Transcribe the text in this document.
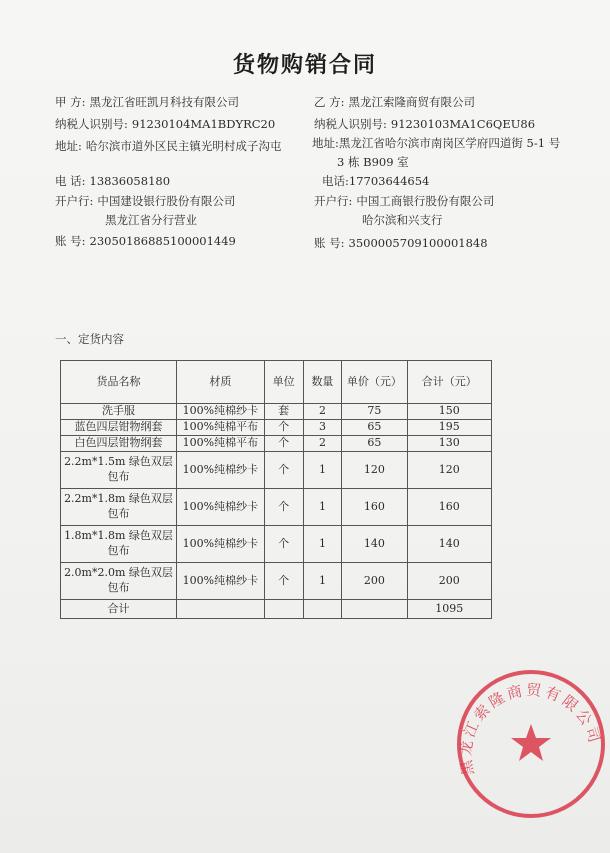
货物购销合同
甲 方: 黑龙江省旺凯月科技有限公司
纳税人识别号: 91230104MA1BDYRC20
地址: 哈尔滨市道外区民主镇光明村成子沟屯
电 话: 13836058180
开户行: 中国建设银行股份有限公司
黑龙江省分行营业
账 号: 23050186885100001449
乙 方: 黑龙江索隆商贸有限公司
纳税人识别号: 91230103MA1C6QEU86
地址:黑龙江省哈尔滨市南岗区学府四道街 5-1 号
3 栋 B909 室
电话:17703644654
开户行: 中国工商银行股份有限公司
哈尔滨和兴支行
账 号: 3500005709100001848
一、定货内容
货品名称	材质	单位	数量	单价（元）	合计（元）
洗手服	100%纯棉纱卡	套	2	75	150
蓝色四层钳物纲套	100%纯棉平布	个	3	65	195
白色四层钳物纲套	100%纯棉平布	个	2	65	130
2.2m*1.5m 绿色双层包布	100%纯棉纱卡	个	1	120	120
2.2m*1.8m 绿色双层包布	100%纯棉纱卡	个	1	160	160
1.8m*1.8m 绿色双层包布	100%纯棉纱卡	个	1	140	140
2.0m*2.0m 绿色双层包布	100%纯棉纱卡	个	1	200	200
合计					1095
黑龙江索隆商贸有限公司
